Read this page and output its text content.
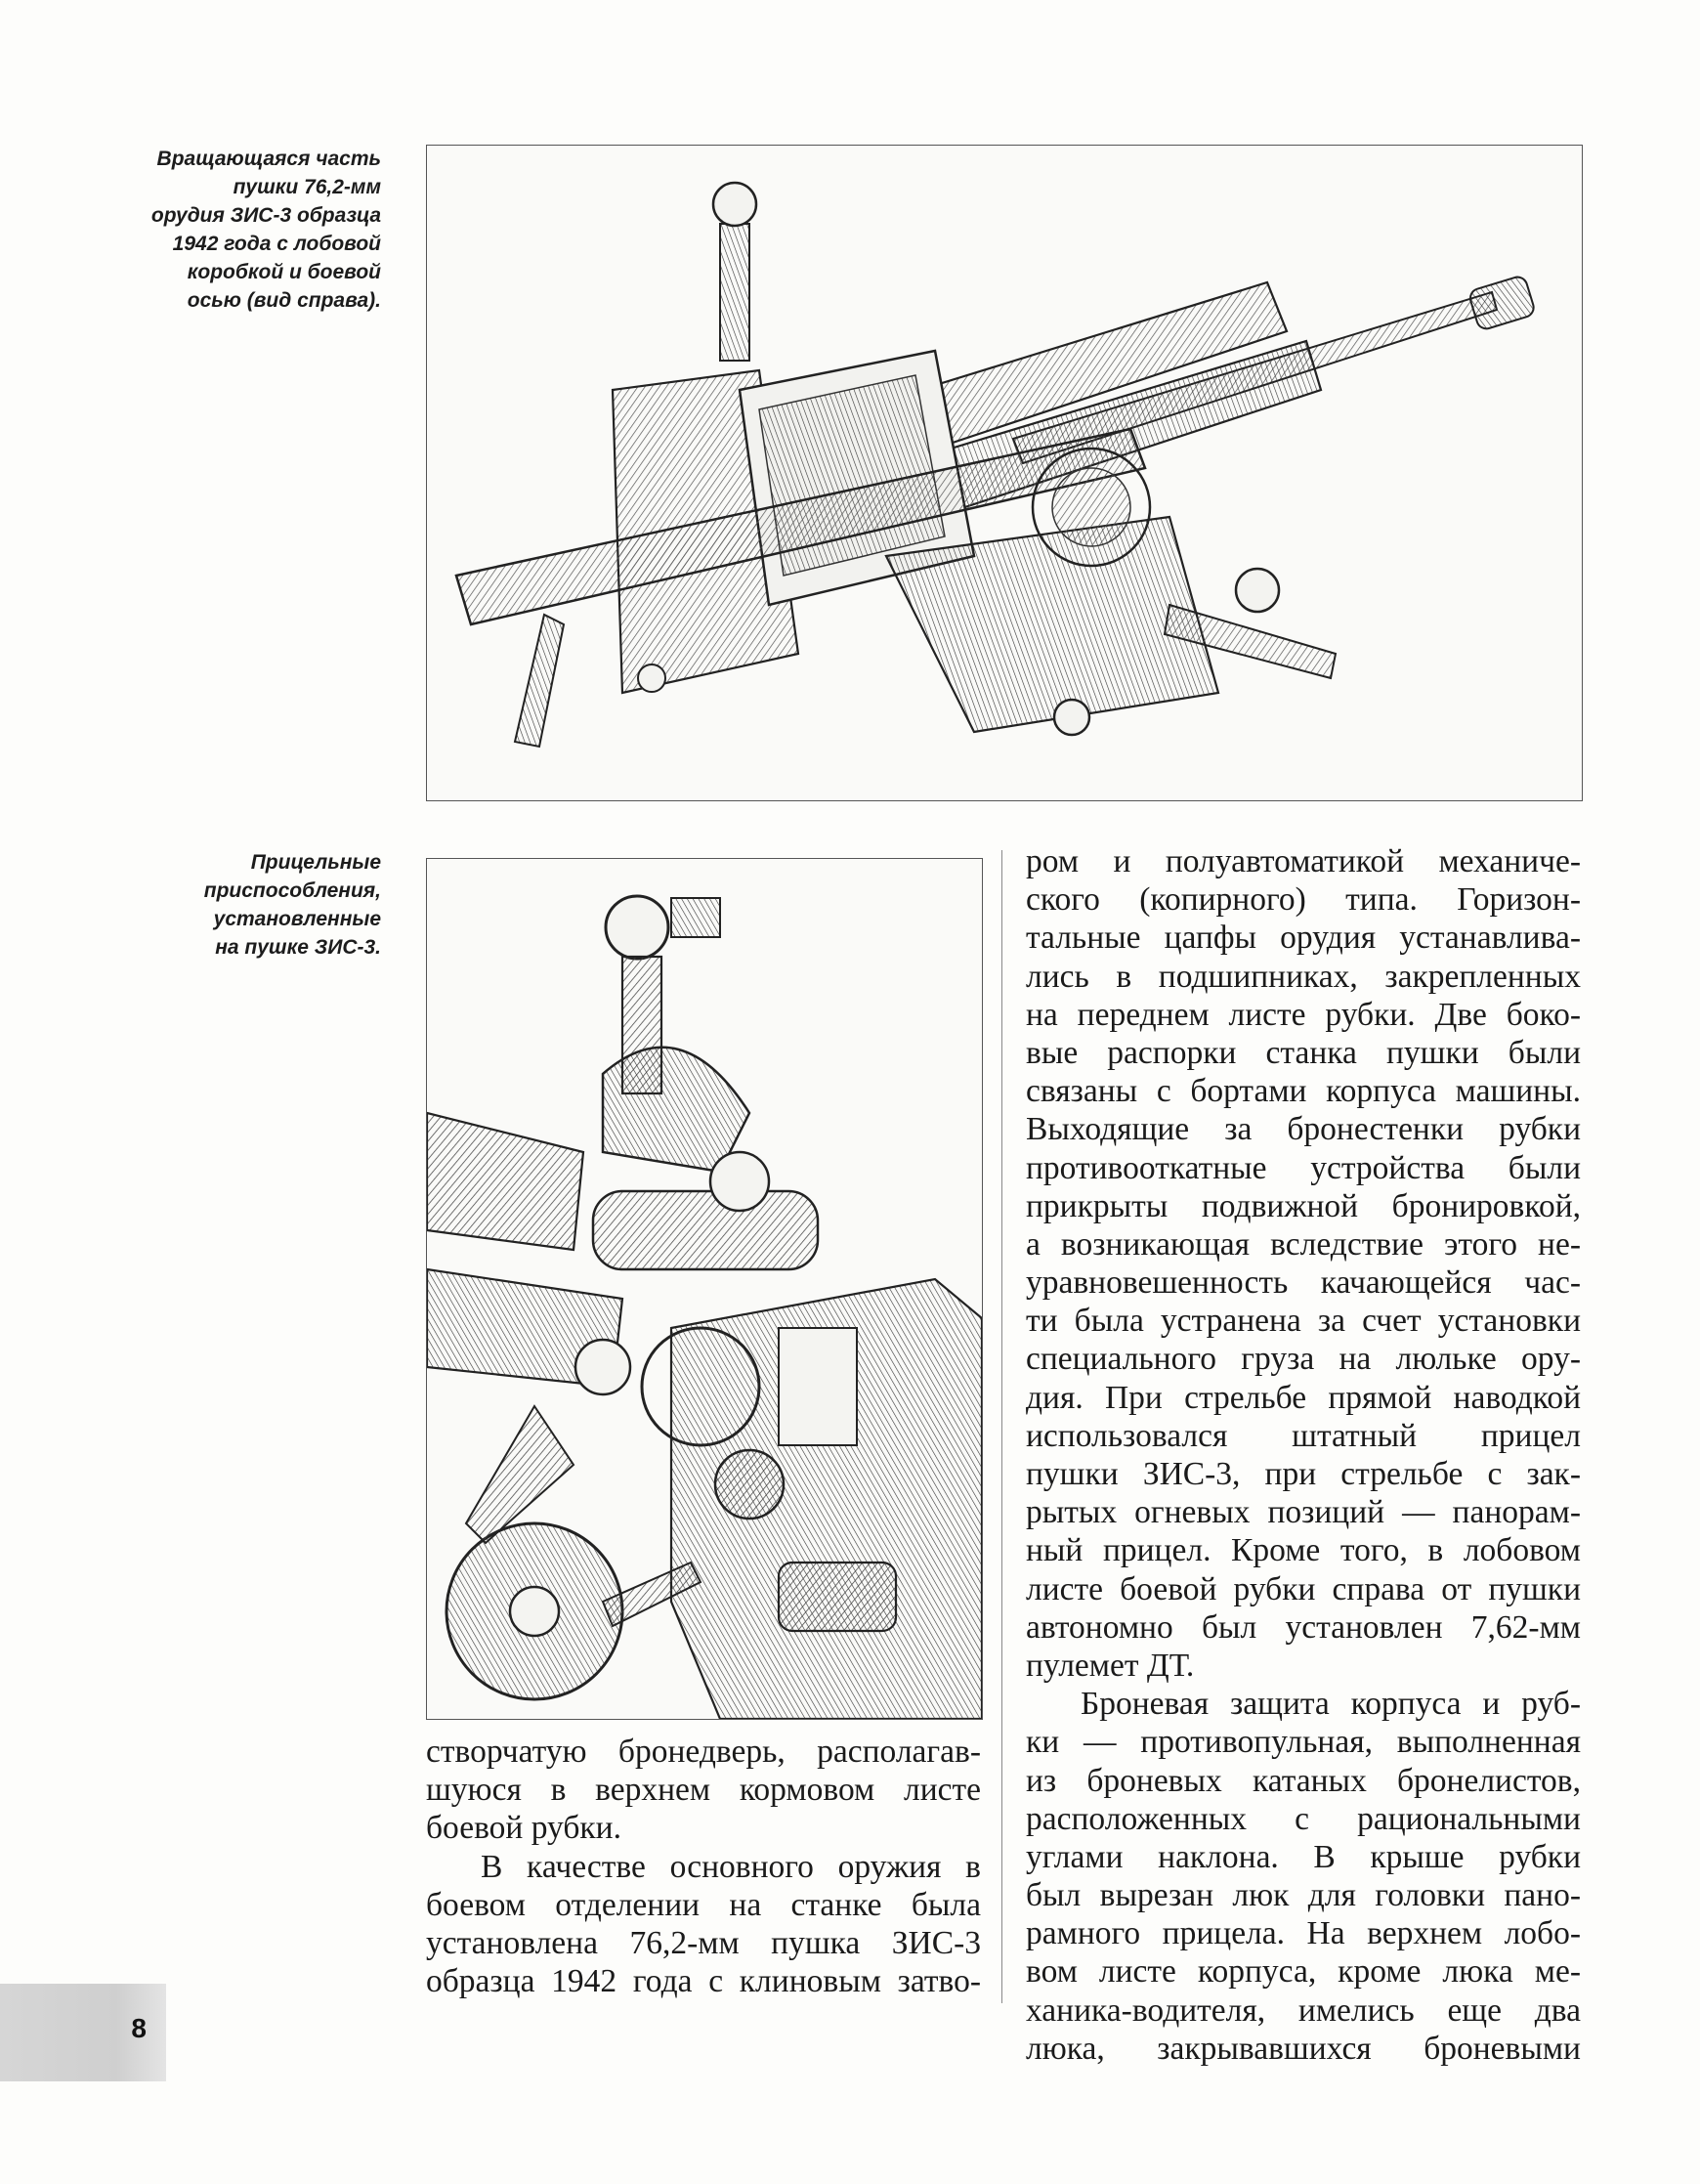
Вращающаяся часть
пушки 76,2-мм
орудия ЗИС-3 образца
1942 года с лобовой
коробкой и боевой
осью (вид справа).
Прицельные
приспособления,
установленные
на пушке ЗИС-3.
створчатую бронедверь, располагав-
шуюся в верхнем кормовом листе
боевой рубки.
В качестве основного оружия в
боевом отделении на станке была
установлена 76,2-мм пушка ЗИС-3
образца 1942 года с клиновым затво-
ром и полуавтоматикой механиче-
ского (копирного) типа. Горизон-
тальные цапфы орудия устанавлива-
лись в подшипниках, закрепленных
на переднем листе рубки. Две боко-
вые распорки станка пушки были
связаны с бортами корпуса машины.
Выходящие за бронестенки рубки
противооткатные устройства были
прикрыты подвижной бронировкой,
а возникающая вследствие этого не-
уравновешенность качающейся час-
ти была устранена за счет установки
специального груза на люльке ору-
дия. При стрельбе прямой наводкой
использовался штатный прицел
пушки ЗИС-3, при стрельбе с зак-
рытых огневых позиций — панорам-
ный прицел. Кроме того, в лобовом
листе боевой рубки справа от пушки
автономно был установлен 7,62-мм
пулемет ДТ.
Броневая защита корпуса и руб-
ки — противопульная, выполненная
из броневых катаных бронелистов,
расположенных с рациональными
углами наклона. В крыше рубки
был вырезан люк для головки пано-
рамного прицела. На верхнем лобо-
вом листе корпуса, кроме люка ме-
ханика-водителя, имелись еще два
люка, закрывавшихся броневыми
8
